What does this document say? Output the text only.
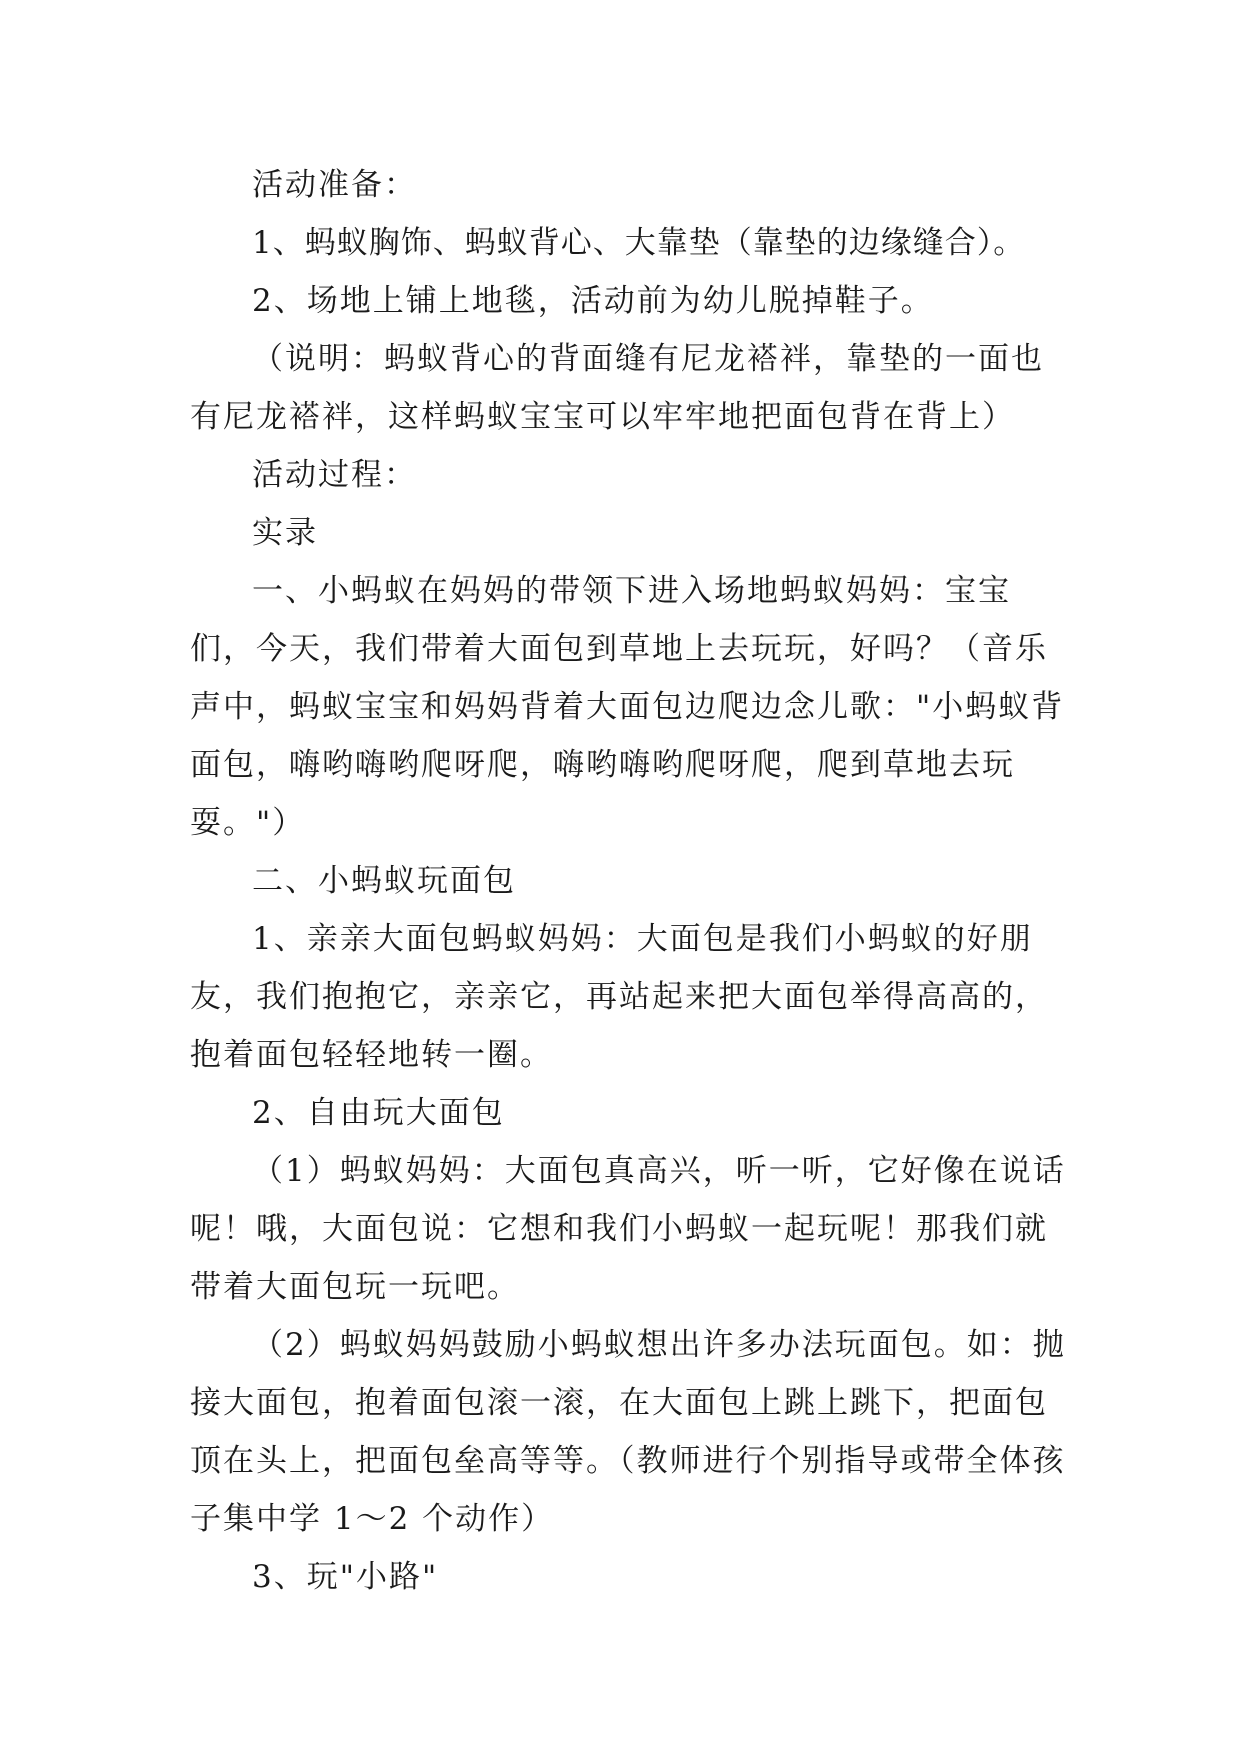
活动准备：

1、蚂蚁胸饰、蚂蚁背心、大靠垫（靠垫的边缘缝合）。

2、场地上铺上地毯，活动前为幼儿脱掉鞋子。

（说明：蚂蚁背心的背面缝有尼龙褡袢，靠垫的一面也有尼龙褡袢，这样蚂蚁宝宝可以牢牢地把面包背在背上）

活动过程：

实录

一、小蚂蚁在妈妈的带领下进入场地蚂蚁妈妈：宝宝们，今天，我们带着大面包到草地上去玩玩，好吗？（音乐声中，蚂蚁宝宝和妈妈背着大面包边爬边念儿歌："小蚂蚁背面包，嗨哟嗨哟爬呀爬，嗨哟嗨哟爬呀爬，爬到草地去玩耍。"）

二、小蚂蚁玩面包

1、亲亲大面包蚂蚁妈妈：大面包是我们小蚂蚁的好朋友，我们抱抱它，亲亲它，再站起来把大面包举得高高的，抱着面包轻轻地转一圈。

2、自由玩大面包

（1）蚂蚁妈妈：大面包真高兴，听一听，它好像在说话呢！哦，大面包说：它想和我们小蚂蚁一起玩呢！那我们就带着大面包玩一玩吧。

（2）蚂蚁妈妈鼓励小蚂蚁想出许多办法玩面包。如：抛接大面包，抱着面包滚一滚，在大面包上跳上跳下，把面包顶在头上，把面包垒高等等。（教师进行个别指导或带全体孩子集中学 1～2 个动作）

3、玩"小路"
